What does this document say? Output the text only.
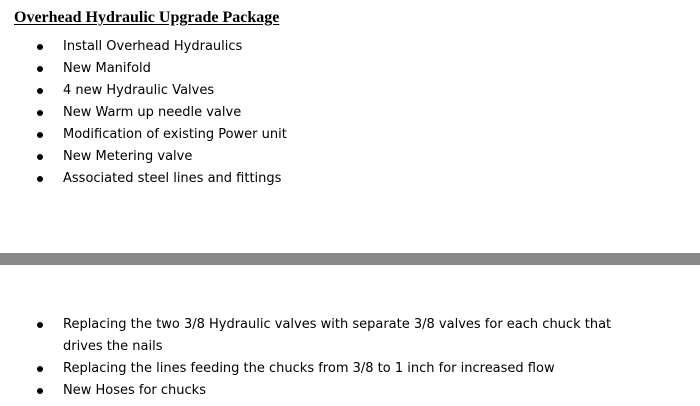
Overhead Hydraulic Upgrade Package
Install Overhead Hydraulics
New Manifold
4 new Hydraulic Valves
New Warm up needle valve
Modification of existing Power unit
New Metering valve
Associated steel lines and fittings
Replacing the two 3/8 Hydraulic valves with separate 3/8 valves for each chuck that drives the nails
Replacing the lines feeding the chucks from 3/8 to 1 inch for increased flow
New Hoses for chucks
